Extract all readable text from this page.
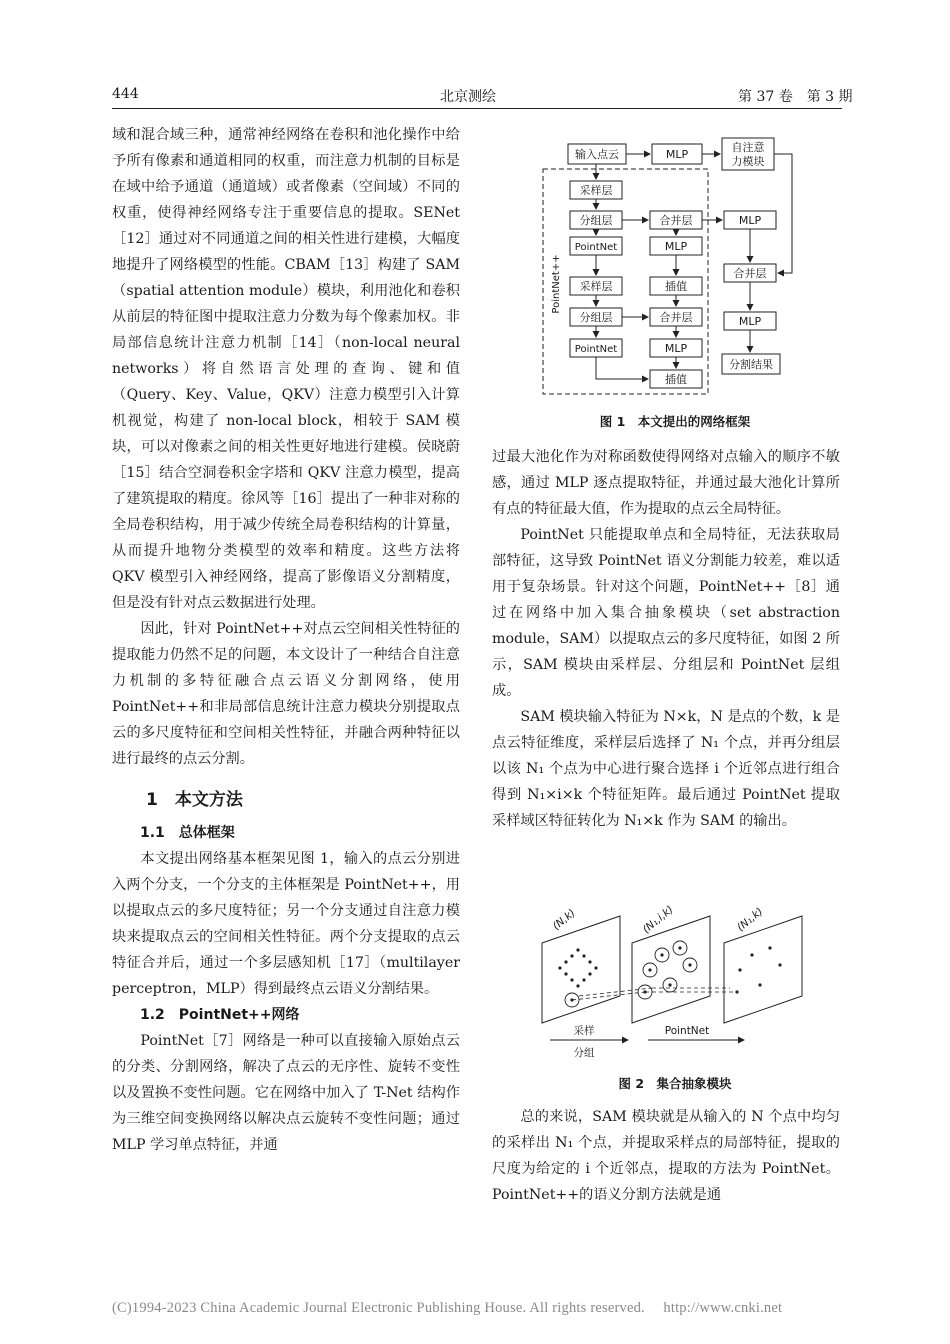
444	北京测绘	第 37 卷　第 3 期

域和混合域三种，通常神经网络在卷积和池化操作中给予所有像素和通道相同的权重，而注意力机制的目标是在域中给予通道（通道域）或者像素（空间域）不同的权重，使得神经网络专注于重要信息的提取。SENet［12］通过对不同通道之间的相关性进行建模，大幅度地提升了网络模型的性能。CBAM［13］构建了 SAM（spatial attention module）模块，利用池化和卷积从前层的特征图中提取注意力分数为每个像素加权。非局部信息统计注意力机制［14］（non-local neural networks）将自然语言处理的查询、键和值（Query、Key、Value，QKV）注意力模型引入计算机视觉，构建了 non-local block，相较于 SAM 模块，可以对像素之间的相关性更好地进行建模。侯晓蔚［15］结合空洞卷积金字塔和 QKV 注意力模型，提高了建筑提取的精度。徐风等［16］提出了一种非对称的全局卷积结构，用于减少传统全局卷积结构的计算量，从而提升地物分类模型的效率和精度。这些方法将 QKV 模型引入神经网络，提高了影像语义分割精度，但是没有针对点云数据进行处理。

因此，针对 PointNet++对点云空间相关性特征的提取能力仍然不足的问题，本文设计了一种结合自注意力机制的多特征融合点云语义分割网络，使用 PointNet++和非局部信息统计注意力模块分别提取点云的多尺度特征和空间相关性特征，并融合两种特征以进行最终的点云分割。

1　本文方法
1.1　总体框架

本文提出网络基本框架见图 1，输入的点云分别进入两个分支，一个分支的主体框架是 PointNet++，用以提取点云的多尺度特征；另一个分支通过自注意力模块来提取点云的空间相关性特征。两个分支提取的点云特征合并后，通过一个多层感知机［17］（multilayer perceptron，MLP）得到最终点云语义分割结果。

1.2　PointNet++网络

PointNet［7］网络是一种可以直接输入原始点云的分类、分割网络，解决了点云的无序性、旋转不变性以及置换不变性问题。它在网络中加入了 T-Net 结构作为三维空间变换网络以解决点云旋转不变性问题；通过 MLP 学习单点特征，并通

输入点云	MLP
自注意
力模块
采样层
分组层
PointNet
采样层
分组层
PointNet
合并层
MLP
插值
合并层
MLP
插值
MLP
合并层
MLP
分割结果
PointNet++
图 1　本文提出的网络框架

过最大池化作为对称函数使得网络对点输入的顺序不敏感，通过 MLP 逐点提取特征，并通过最大池化计算所有点的特征最大值，作为提取的点云全局特征。

PointNet 只能提取单点和全局特征，无法获取局部特征，这导致 PointNet 语义分割能力较差，难以适用于复杂场景。针对这个问题，PointNet++［8］通过在网络中加入集合抽象模块（set abstraction module，SAM）以提取点云的多尺度特征，如图 2 所示，SAM 模块由采样层、分组层和 PointNet 层组成。

SAM 模块输入特征为 N×k，N 是点的个数，k 是点云特征维度，采样层后选择了 N₁ 个点，并再分组层以该 N₁ 个点为中心进行聚合选择 i 个近邻点进行组合得到 N₁×i×k 个特征矩阵。最后通过 PointNet 提取采样域区特征转化为 N₁×k 作为 SAM 的输出。

(N,k)	(N₁,i,k)	(N₁,k)
采样
分组
PointNet
图 2　集合抽象模块

总的来说，SAM 模块就是从输入的 N 个点中均匀的采样出 N₁ 个点，并提取采样点的局部特征，提取的尺度为给定的 i 个近邻点，提取的方法为 PointNet。PointNet++的语义分割方法就是通

(C)1994-2023 China Academic Journal Electronic Publishing House. All rights reserved.　 http://www.cnki.net
